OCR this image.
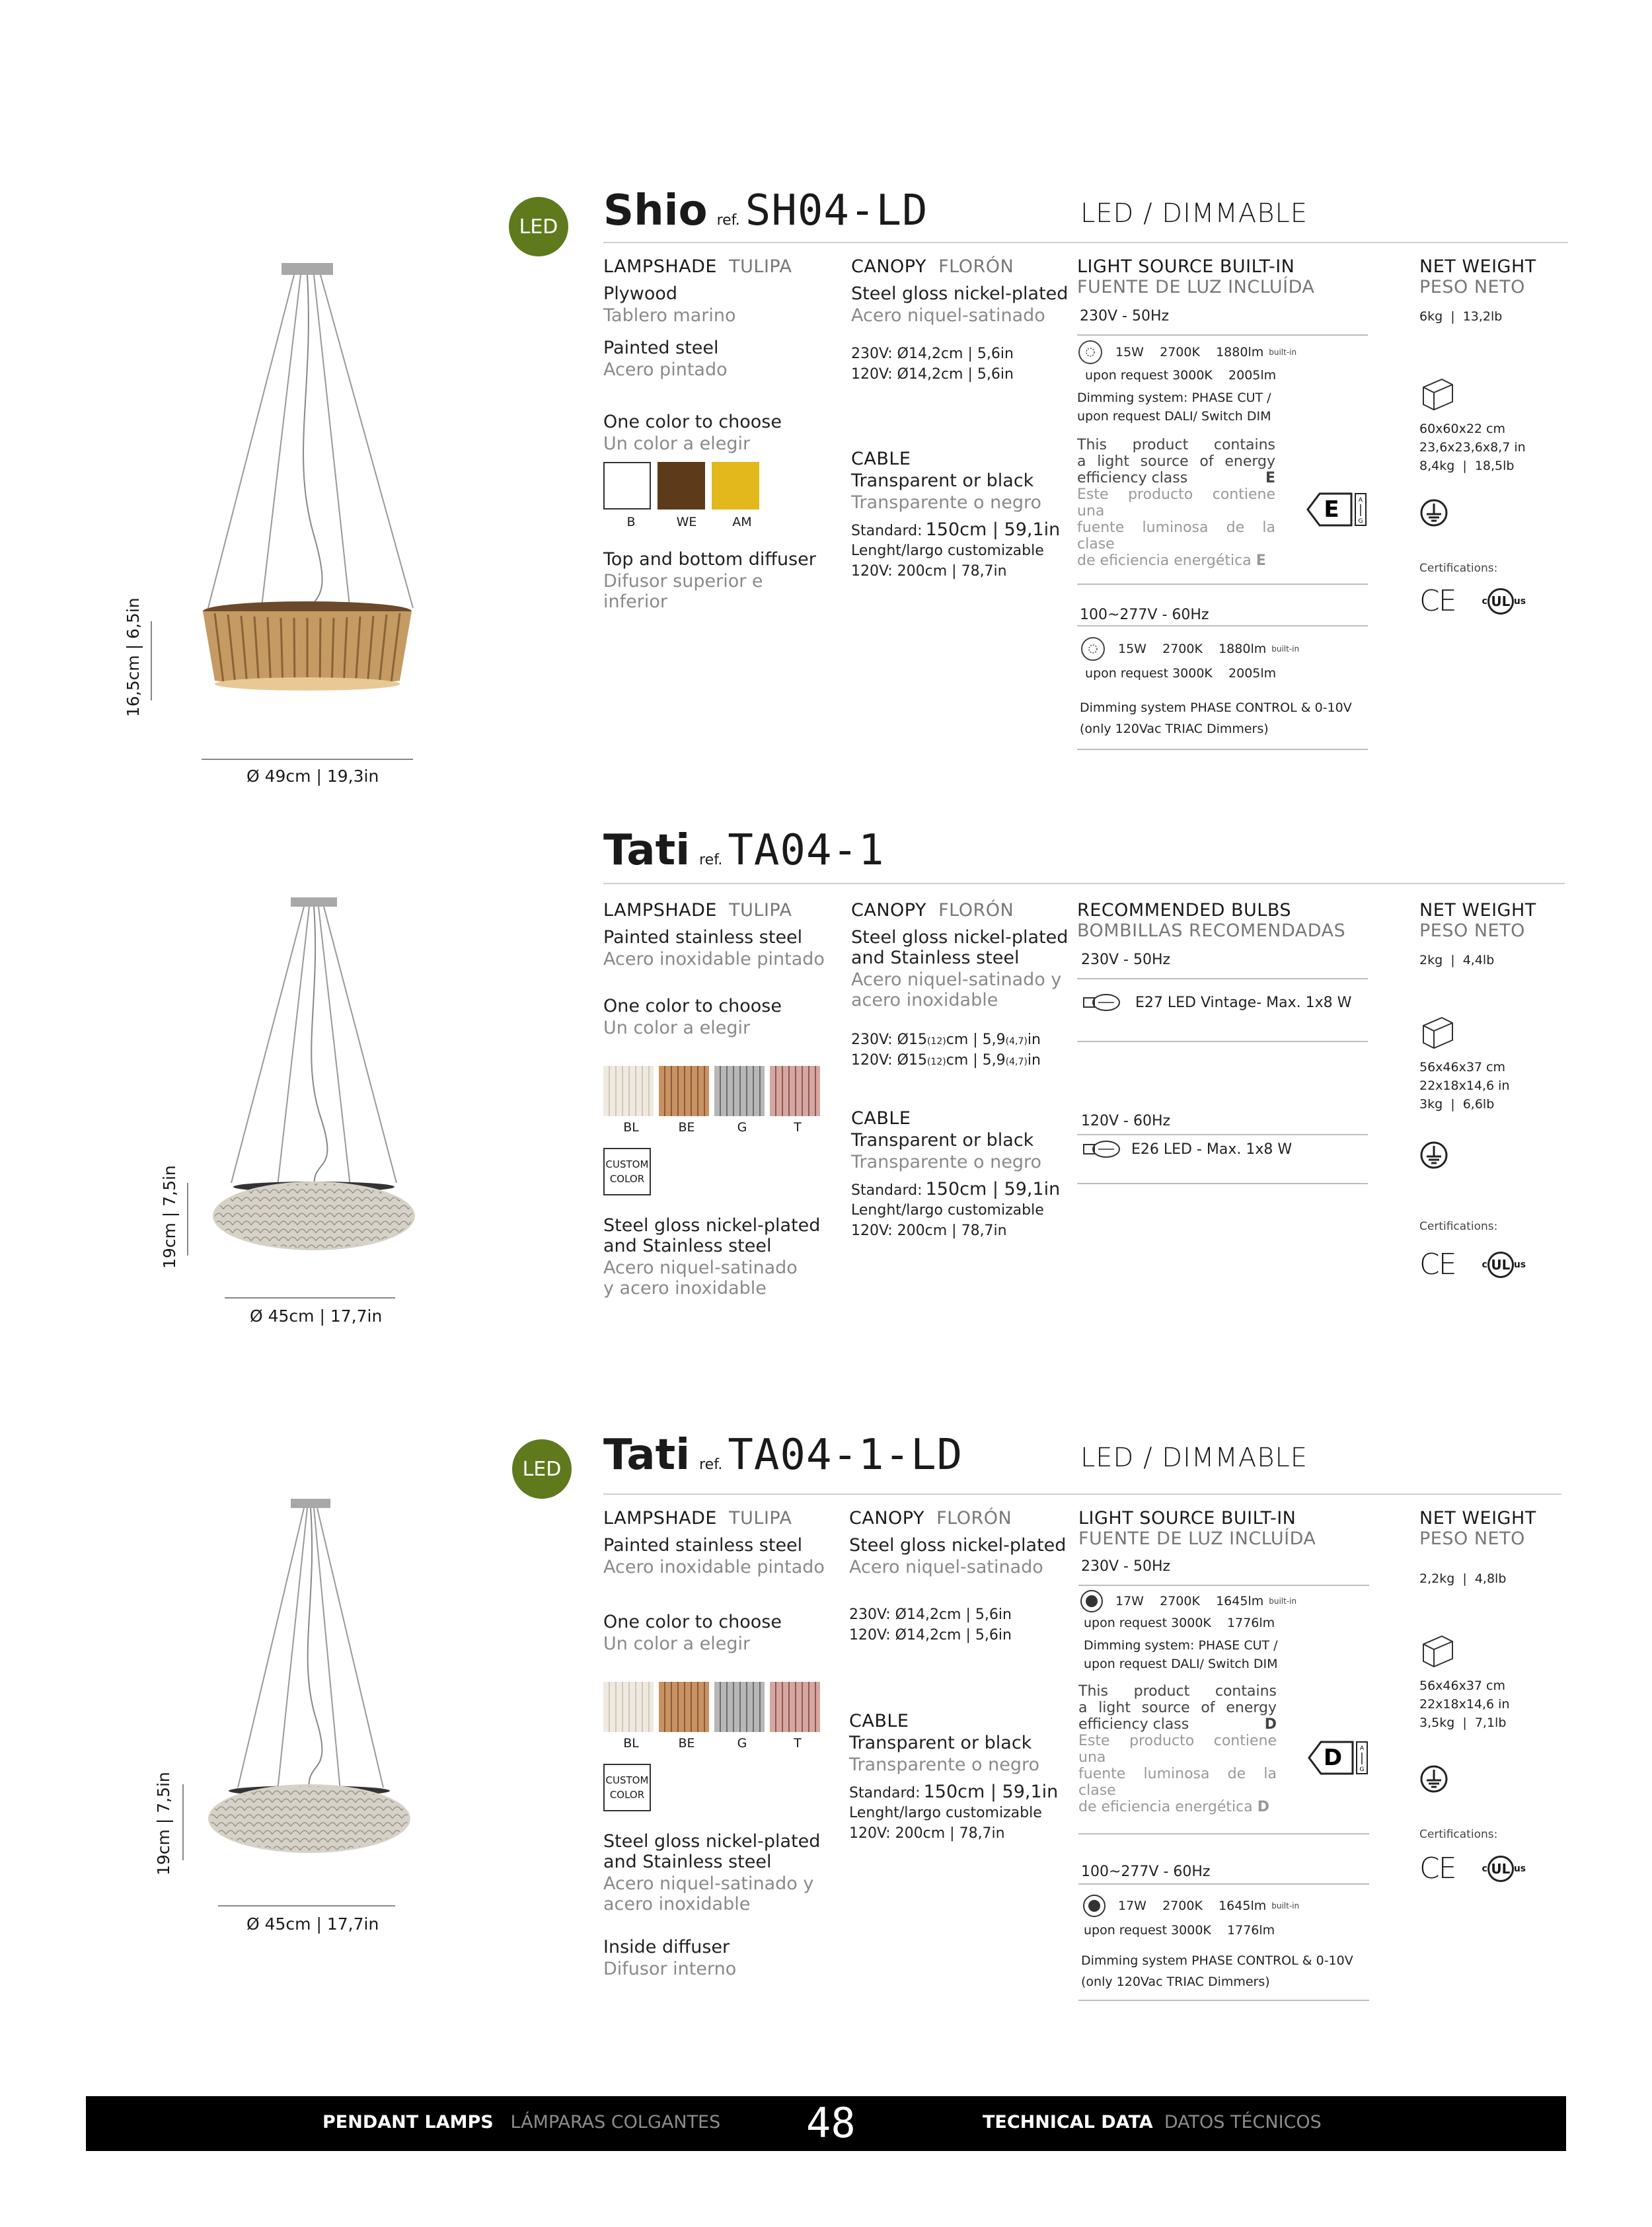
LED Shio ref. SH04-LD	LED / DIMMABLE
16,5cm | 6,5in
Ø 49cm | 19,3in
LAMPSHADE TULIPA
Plywood
Tablero marino
Painted steel
Acero pintado
One color to choose
Un color a elegir
B	WE	AM
Top and bottom diffuser
Difusor superior e
inferior
CANOPY FLORÓN
Steel gloss nickel-plated
Acero niquel-satinado
230V: Ø14,2cm | 5,6in
120V: Ø14,2cm | 5,6in
CABLE
Transparent or black
Transparente o negro
Standard: 150cm | 59,1in
Lenght/largo customizable
120V: 200cm | 78,7in
LIGHT SOURCE BUILT-IN
FUENTE DE LUZ INCLUÍDA
230V - 50Hz
15W    2700K    1880lm built-in
upon request 3000K    2005lm
Dimming system: PHASE CUT /
upon request DALI/ Switch DIM
This product contains
a light source of energy
efficiency class	E
Este producto contiene una
fuente luminosa de la clase
de eficiencia energética E
E	A
G
100~277V - 60Hz
15W    2700K    1880lm built-in
upon request 3000K    2005lm
Dimming system PHASE CONTROL & 0-10V
(only 120Vac TRIAC Dimmers)
NET WEIGHT
PESO NETO
6kg  |  13,2lb
60x60x22 cm
23,6x23,6x8,7 in
8,4kg  |  18,5lb
Certifications:
CE	c UL us
Tati ref. TA04-1
19cm | 7,5in
Ø 45cm | 17,7in
LAMPSHADE TULIPA
Painted stainless steel
Acero inoxidable pintado
One color to choose
Un color a elegir
BL	BE	G	T
CUSTOM
COLOR
Steel gloss nickel-plated
and Stainless steel
Acero niquel-satinado
y acero inoxidable
CANOPY FLORÓN
Steel gloss nickel-plated
and Stainless steel
Acero niquel-satinado y
acero inoxidable
230V: Ø15(12)cm | 5,9(4,7)in
120V: Ø15(12)cm | 5,9(4,7)in
CABLE
Transparent or black
Transparente o negro
Standard: 150cm | 59,1in
Lenght/largo customizable
120V: 200cm | 78,7in
RECOMMENDED BULBS
BOMBILLAS RECOMENDADAS
230V - 50Hz
E27 LED Vintage- Max. 1x8 W
120V - 60Hz
E26 LED - Max. 1x8 W
NET WEIGHT
PESO NETO
2kg  |  4,4lb
56x46x37 cm
22x18x14,6 in
3kg  |  6,6lb
Certifications:
CE	c UL us
LED Tati ref. TA04-1-LD	LED / DIMMABLE
19cm | 7,5in
Ø 45cm | 17,7in
LAMPSHADE TULIPA
Painted stainless steel
Acero inoxidable pintado
One color to choose
Un color a elegir
BL	BE	G	T
CUSTOM
COLOR
Steel gloss nickel-plated
and Stainless steel
Acero niquel-satinado y
acero inoxidable
Inside diffuser
Difusor interno
CANOPY FLORÓN
Steel gloss nickel-plated
Acero niquel-satinado
230V: Ø14,2cm | 5,6in
120V: Ø14,2cm | 5,6in
CABLE
Transparent or black
Transparente o negro
Standard: 150cm | 59,1in
Lenght/largo customizable
120V: 200cm | 78,7in
LIGHT SOURCE BUILT-IN
FUENTE DE LUZ INCLUÍDA
230V - 50Hz
17W    2700K    1645lm built-in
upon request 3000K    1776lm
Dimming system: PHASE CUT /
upon request DALI/ Switch DIM
This product contains
a light source of energy
efficiency class	D
Este producto contiene una
fuente luminosa de la clase
de eficiencia energética D
D	A
G
100~277V - 60Hz
17W    2700K    1645lm built-in
upon request 3000K    1776lm
Dimming system PHASE CONTROL & 0-10V
(only 120Vac TRIAC Dimmers)
NET WEIGHT
PESO NETO
2,2kg  |  4,8lb
56x46x37 cm
22x18x14,6 in
3,5kg  |  7,1lb
Certifications:
CE	c UL us
PENDANT LAMPS LÁMPARAS COLGANTES 48	TECHNICAL DATA DATOS TÉCNICOS
